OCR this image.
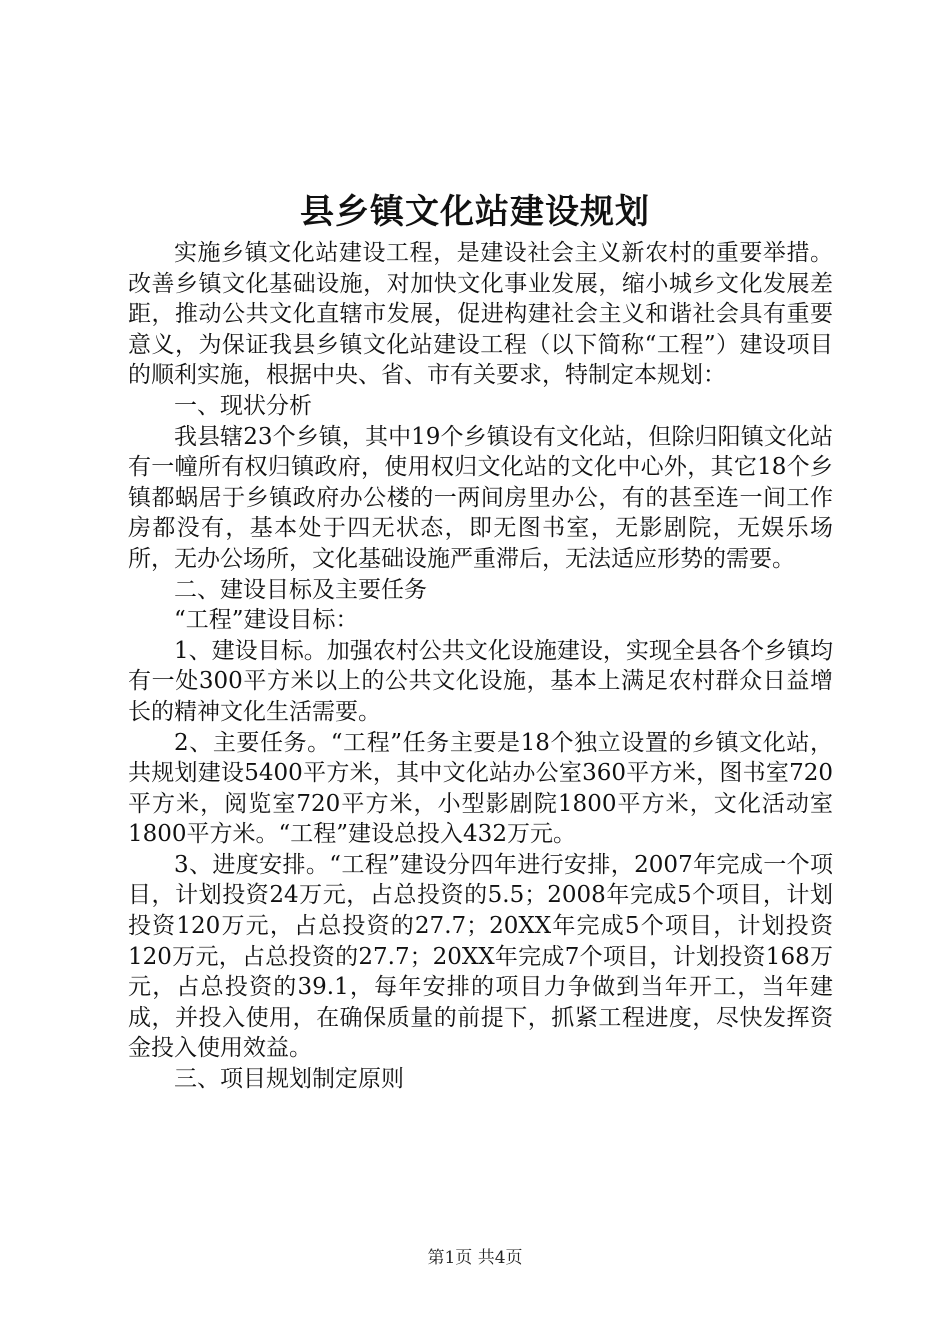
县乡镇文化站建设规划

实施乡镇文化站建设工程，是建设社会主义新农村的重要举措。改善乡镇文化基础设施，对加快文化事业发展，缩小城乡文化发展差距，推动公共文化直辖市发展，促进构建社会主义和谐社会具有重要意义，为保证我县乡镇文化站建设工程（以下简称“工程”）建设项目的顺利实施，根据中央、省、市有关要求，特制定本规划：

一、现状分析

我县辖23个乡镇，其中19个乡镇设有文化站，但除归阳镇文化站有一幢所有权归镇政府，使用权归文化站的文化中心外，其它18个乡镇都蜗居于乡镇政府办公楼的一两间房里办公，有的甚至连一间工作房都没有，基本处于四无状态，即无图书室，无影剧院，无娱乐场所，无办公场所，文化基础设施严重滞后，无法适应形势的需要。

二、建设目标及主要任务

“工程”建设目标：

1、建设目标。加强农村公共文化设施建设，实现全县各个乡镇均有一处300平方米以上的公共文化设施，基本上满足农村群众日益增长的精神文化生活需要。

2、主要任务。“工程”任务主要是18个独立设置的乡镇文化站，共规划建设5400平方米，其中文化站办公室360平方米，图书室720平方米，阅览室720平方米，小型影剧院1800平方米，文化活动室1800平方米。“工程”建设总投入432万元。

3、进度安排。“工程”建设分四年进行安排，2007年完成一个项目，计划投资24万元，占总投资的5.5；2008年完成5个项目，计划投资120万元，占总投资的27.7；20XX年完成5个项目，计划投资120万元，占总投资的27.7；20XX年完成7个项目，计划投资168万元，占总投资的39.1，每年安排的项目力争做到当年开工，当年建成，并投入使用，在确保质量的前提下，抓紧工程进度，尽快发挥资金投入使用效益。

三、项目规划制定原则

第1页 共4页
